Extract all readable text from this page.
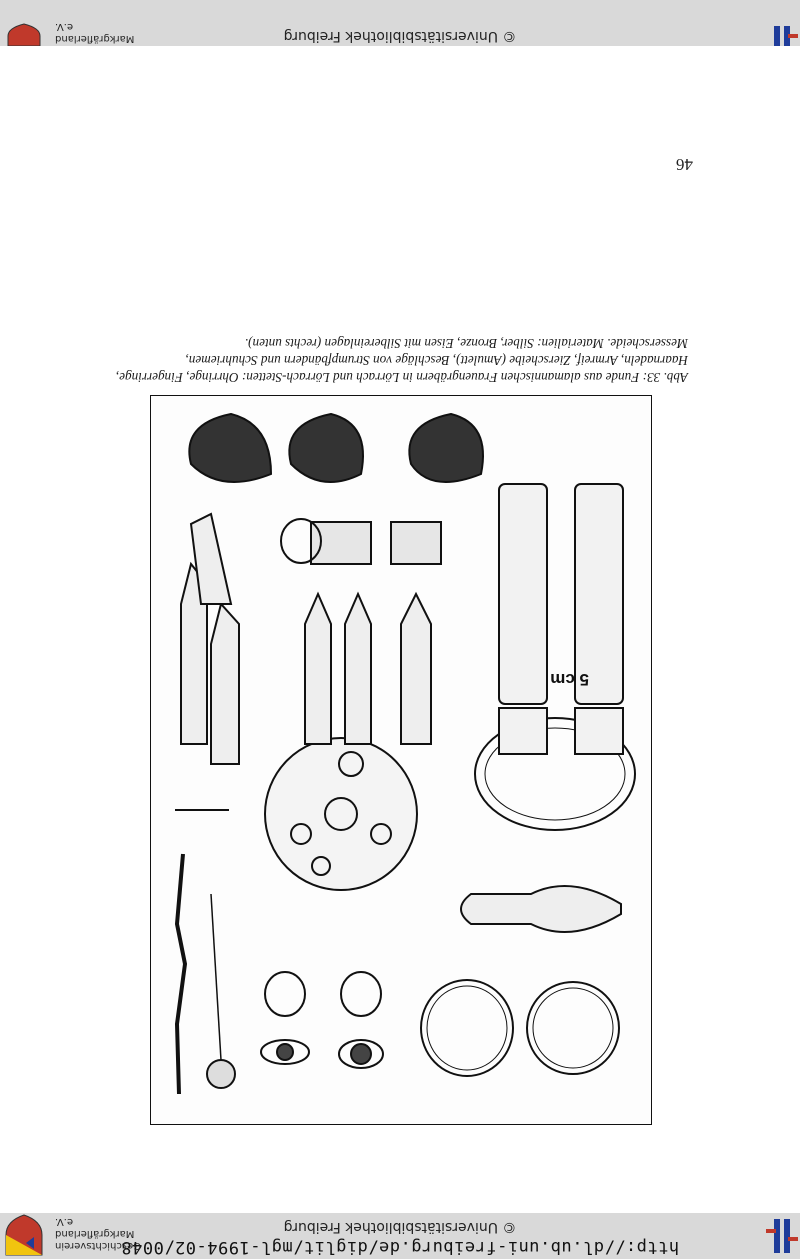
http://dl.ub.uni-freiburg.de/diglit/mgl-1994-02/0048
© Universitätsbibliothek Freiburg
Geschichtsverein
Markgräflerland e.V.
© Universitätsbibliothek Freiburg
Markgräflerland e.V.
46
5 cm
Abb. 33: Funde aus alamannischen Frauengräbern in Lörrach und Lörrach-Stetten: Ohrringe, Fingerringe, Haarnadeln, Armreif, Zierscheibe (Amulett), Beschläge von Strumpfbändern und Schuhriemen, Messerscheide. Materialien: Silber, Bronze, Eisen mit Silbereinlagen (rechts unten).
